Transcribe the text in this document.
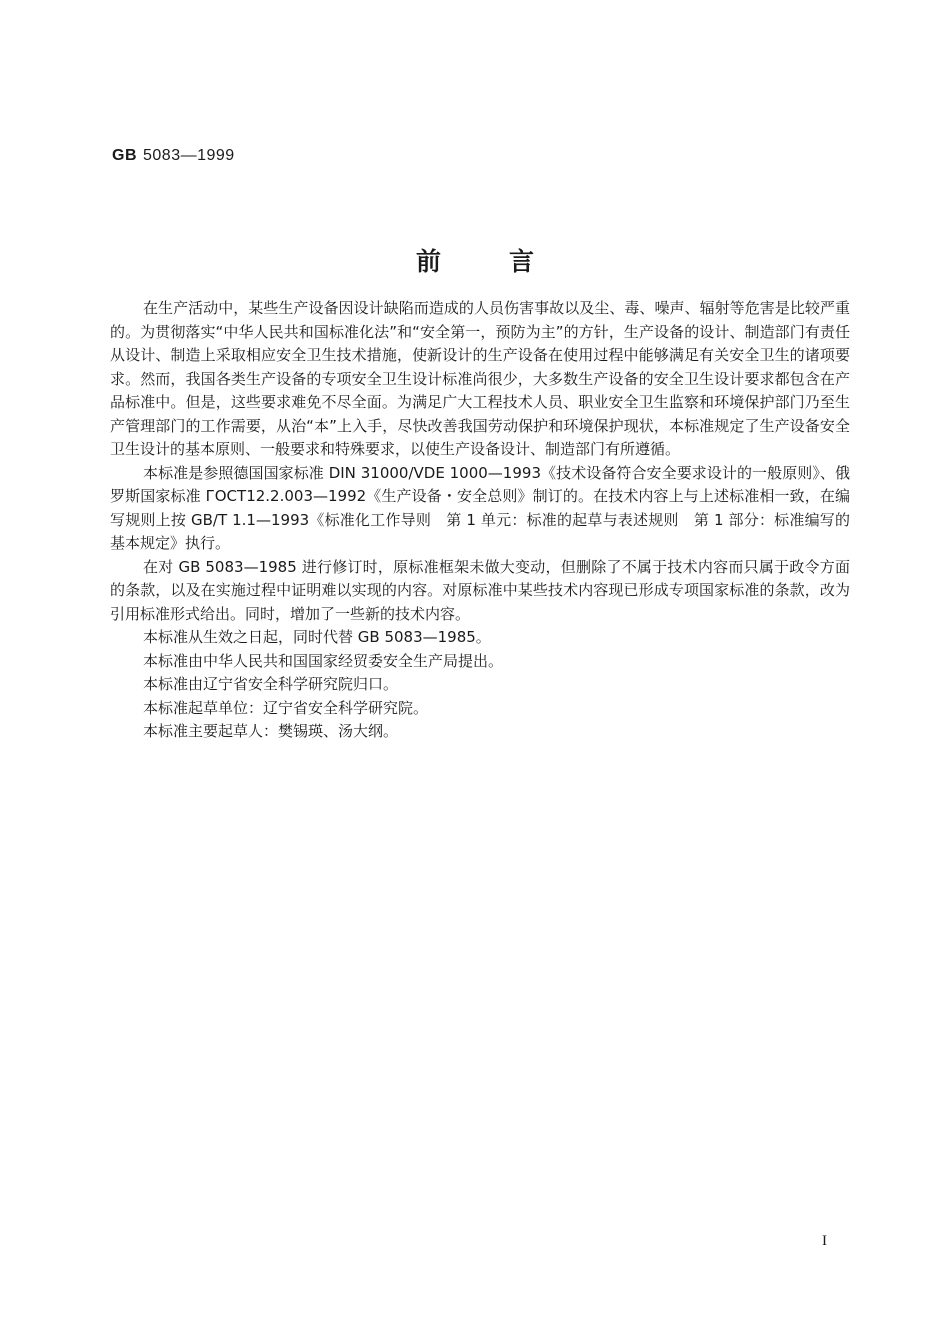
GB 5083—1999
前言

在生产活动中，某些生产设备因设计缺陷而造成的人员伤害事故以及尘、毒、噪声、辐射等危害是比较严重的。为贯彻落实“中华人民共和国标准化法”和“安全第一，预防为主”的方针，生产设备的设计、制造部门有责任从设计、制造上采取相应安全卫生技术措施，使新设计的生产设备在使用过程中能够满足有关安全卫生的诸项要求。然而，我国各类生产设备的专项安全卫生设计标准尚很少，大多数生产设备的安全卫生设计要求都包含在产品标准中。但是，这些要求难免不尽全面。为满足广大工程技术人员、职业安全卫生监察和环境保护部门乃至生产管理部门的工作需要，从治“本”上入手，尽快改善我国劳动保护和环境保护现状，本标准规定了生产设备安全卫生设计的基本原则、一般要求和特殊要求，以使生产设备设计、制造部门有所遵循。

本标准是参照德国国家标准 DIN 31000/VDE 1000—1993《技术设备符合安全要求设计的一般原则》、俄罗斯国家标准 ГОСТ12.2.003—1992《生产设备・安全总则》制订的。在技术内容上与上述标准相一致，在编写规则上按 GB/T 1.1—1993《标准化工作导则　第 1 单元：标准的起草与表述规则　第 1 部分：标准编写的基本规定》执行。

在对 GB 5083—1985 进行修订时，原标准框架未做大变动，但删除了不属于技术内容而只属于政令方面的条款，以及在实施过程中证明难以实现的内容。对原标准中某些技术内容现已形成专项国家标准的条款，改为引用标准形式给出。同时，增加了一些新的技术内容。

本标准从生效之日起，同时代替 GB 5083—1985。

本标准由中华人民共和国国家经贸委安全生产局提出。

本标准由辽宁省安全科学研究院归口。

本标准起草单位：辽宁省安全科学研究院。

本标准主要起草人：樊锡瑛、汤大纲。

I
